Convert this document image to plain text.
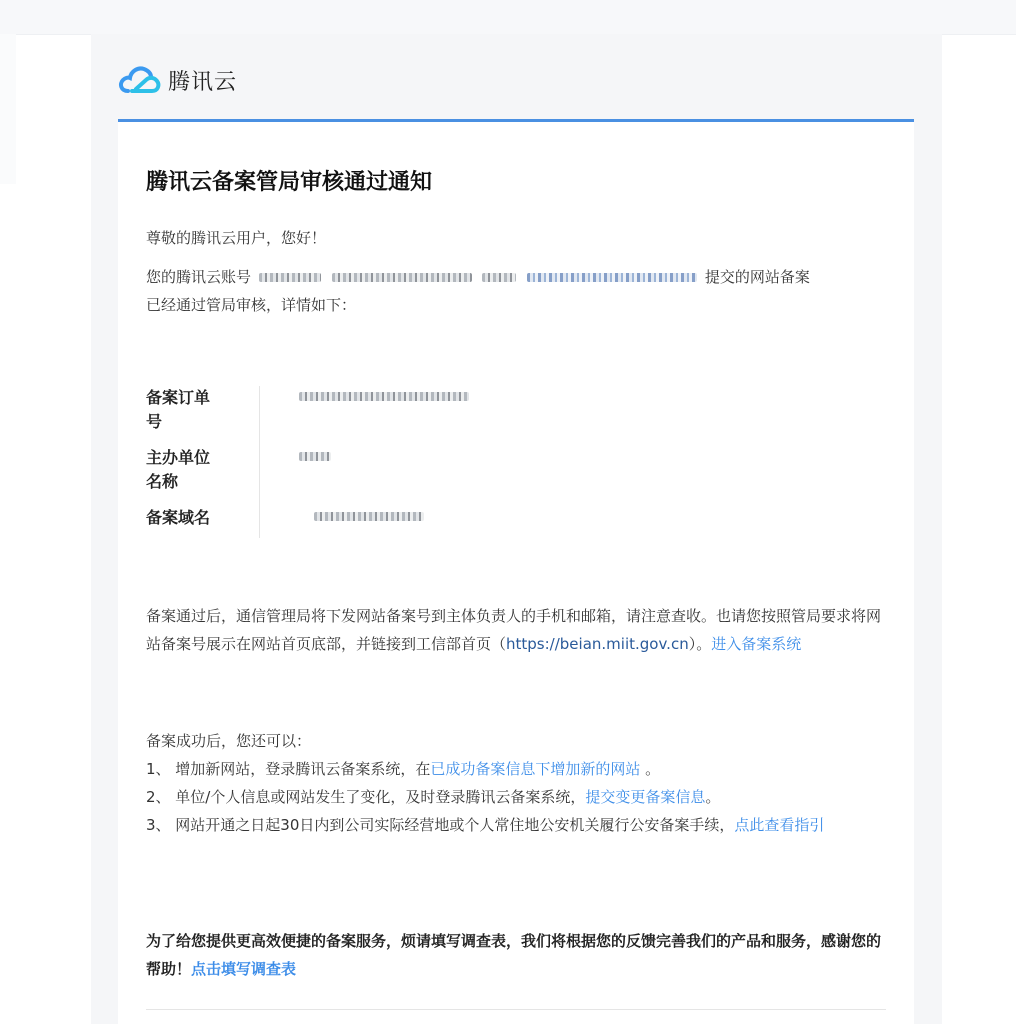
腾讯云
腾讯云备案管局审核通过通知

尊敬的腾讯云用户，您好！

您的腾讯云账号	提交的网站备案
已经通过管局审核，详情如下：

备案订单
号
主办单位
名称
备案域名

备案通过后，通信管理局将下发网站备案号到主体负责人的手机和邮箱，请注意查收。也请您按照管局要求将网站备案号展示在网站首页底部，并链接到工信部首页（https://beian.miit.gov.cn）。进入备案系统

备案成功后，您还可以：
1、 增加新网站，登录腾讯云备案系统，在已成功备案信息下增加新的网站 。
2、 单位/个人信息或网站发生了变化，及时登录腾讯云备案系统，提交变更备案信息。
3、 网站开通之日起30日内到公司实际经营地或个人常住地公安机关履行公安备案手续，点此查看指引

为了给您提供更高效便捷的备案服务，烦请填写调查表，我们将根据您的反馈完善我们的产品和服务，感谢您的帮助！点击填写调查表
